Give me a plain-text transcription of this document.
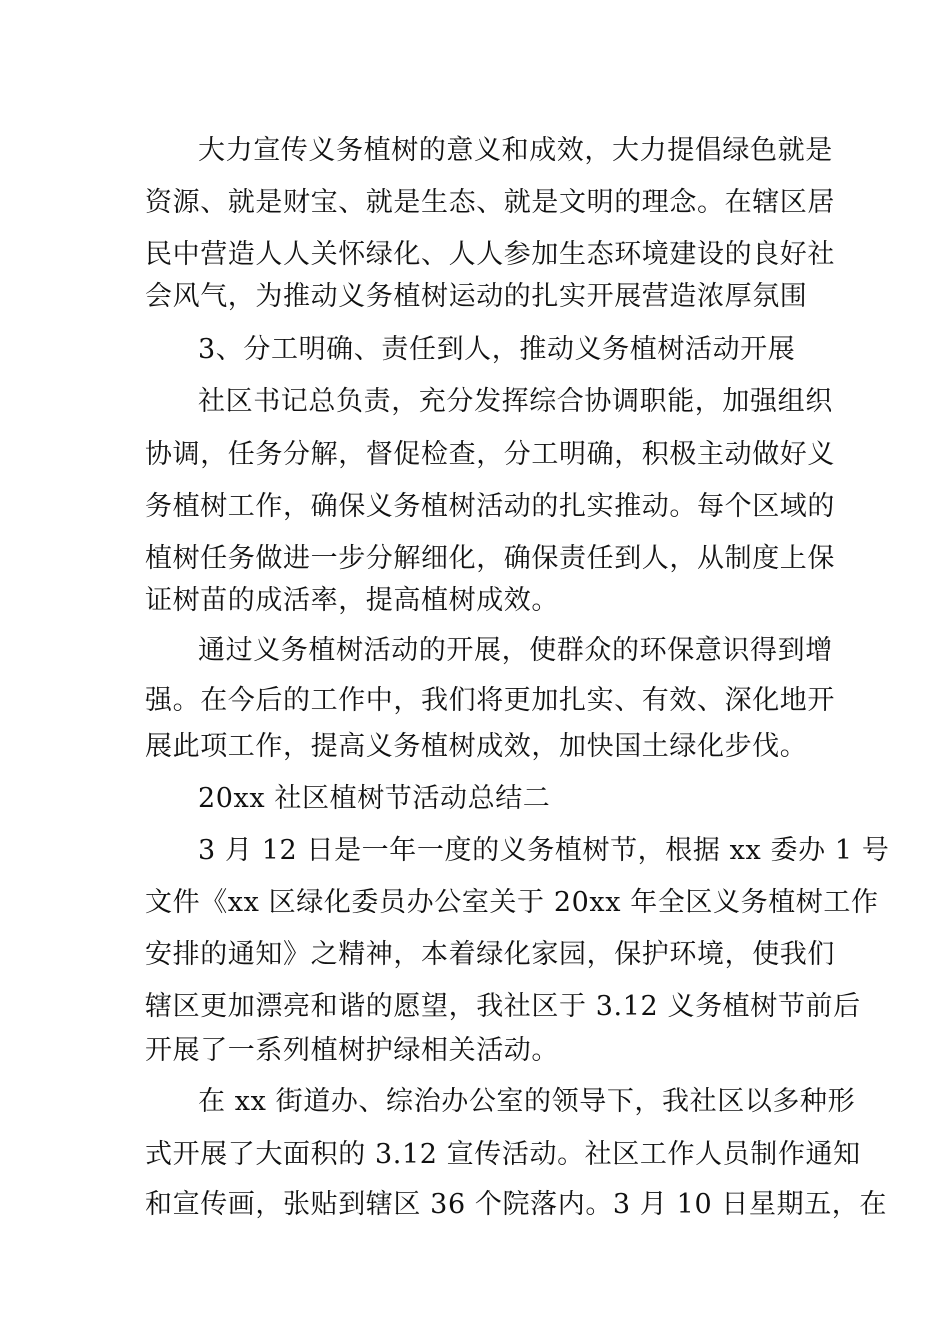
大力宣传义务植树的意义和成效，大力提倡绿色就是
资源、就是财宝、就是生态、就是文明的理念。在辖区居
民中营造人人关怀绿化、人人参加生态环境建设的良好社
会风气，为推动义务植树运动的扎实开展营造浓厚氛围
3、分工明确、责任到人，推动义务植树活动开展
社区书记总负责，充分发挥综合协调职能，加强组织
协调，任务分解，督促检查，分工明确，积极主动做好义
务植树工作，确保义务植树活动的扎实推动。每个区域的
植树任务做进一步分解细化，确保责任到人，从制度上保
证树苗的成活率，提高植树成效。
通过义务植树活动的开展，使群众的环保意识得到增
强。在今后的工作中，我们将更加扎实、有效、深化地开
展此项工作，提高义务植树成效，加快国土绿化步伐。
20xx 社区植树节活动总结二
3 月 12 日是一年一度的义务植树节，根据 xx 委办 1 号
文件《xx 区绿化委员办公室关于 20xx 年全区义务植树工作
安排的通知》之精神，本着绿化家园，保护环境，使我们
辖区更加漂亮和谐的愿望，我社区于 3.12 义务植树节前后
开展了一系列植树护绿相关活动。
在 xx 街道办、综治办公室的领导下，我社区以多种形
式开展了大面积的 3.12 宣传活动。社区工作人员制作通知
和宣传画，张贴到辖区 36 个院落内。3 月 10 日星期五，在
